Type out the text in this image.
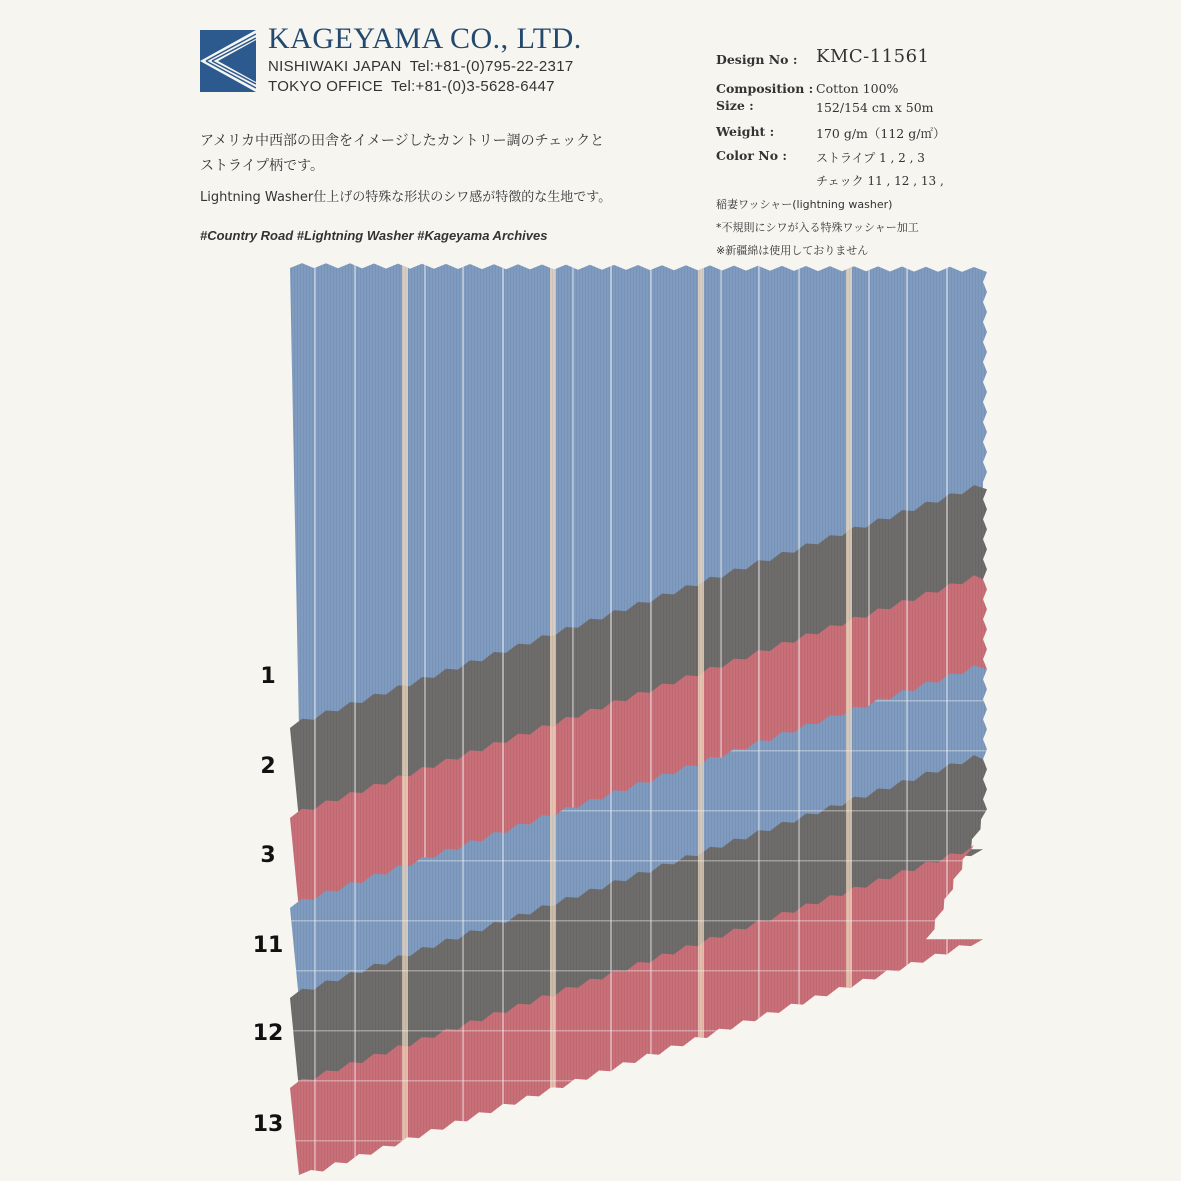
KAGEYAMA CO., LTD.
NISHIWAKI JAPAN Tel:+81-(0)795-22-2317
TOKYO OFFICE Tel:+81-(0)3-5628-6447
アメリカ中西部の田舎をイメージしたカントリー調のチェックと
ストライプ柄です。
Lightning Washer仕上げの特殊な形状のシワ感が特徴的な生地です。
#Country Road #Lightning Washer #Kageyama Archives
Design No : KMC-11561
Composition : Cotton 100%
Size :	152/154 cm x 50m
Weight :	170 g/m（112 g/㎡）
Color No : ストライプ 1 , 2 , 3
チェック 11 , 12 , 13 ,
稲妻ワッシャー(lightning washer)
*不規則にシワが入る特殊ワッシャー加工
※新疆綿は使用しておりません
1
2
3
11
12
13
